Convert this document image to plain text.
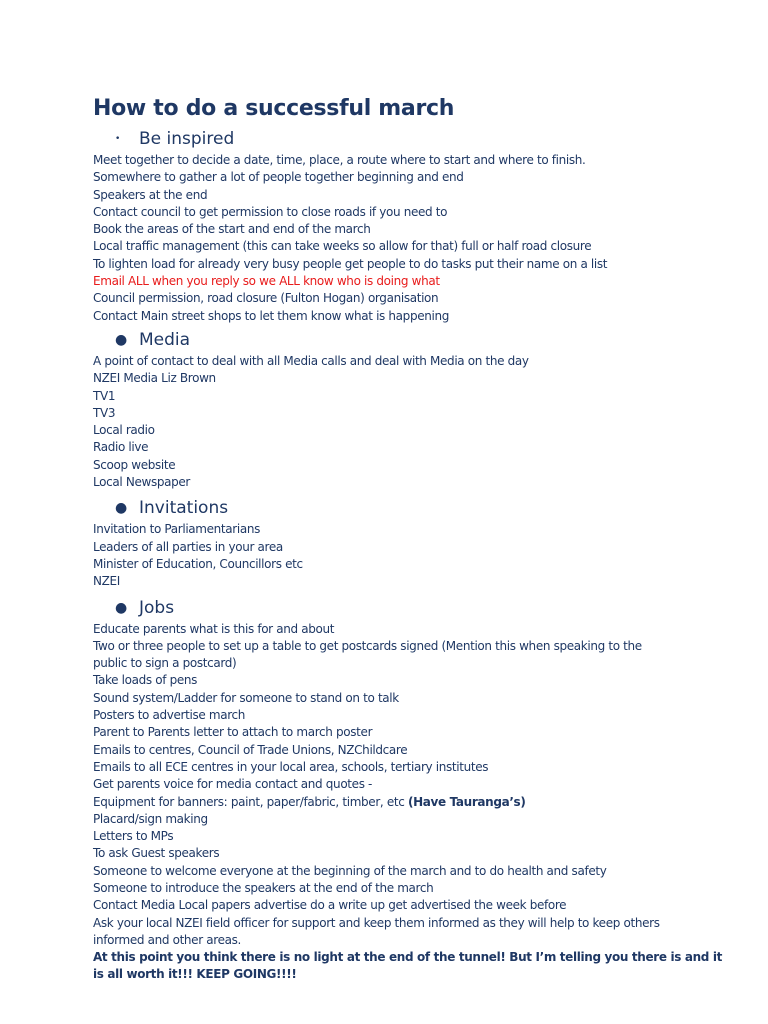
How to do a successful march
•	Be inspired
Meet together to decide a date, time, place, a route where to start and where to finish.
Somewhere to gather a lot of people together beginning and end
Speakers at the end
Contact council to get permission to close roads if you need to
Book the areas of the start and end of the march
Local traffic management (this can take weeks so allow for that) full or half road closure
To lighten load for already very busy people get people to do tasks put their name on a list
Email ALL when you reply so we ALL know who is doing what
Council permission, road closure (Fulton Hogan) organisation
Contact Main street shops to let them know what is happening
● Media
A point of contact to deal with all Media calls and deal with Media on the day
NZEI Media Liz Brown
TV1
TV3
Local radio
Radio live
Scoop website
Local Newspaper
● Invitations
Invitation to Parliamentarians
Leaders of all parties in your area
Minister of Education, Councillors etc
NZEI
● Jobs
Educate parents what is this for and about
Two or three people to set up a table to get postcards signed (Mention this when speaking to the
public to sign a postcard)
Take loads of pens
Sound system/Ladder for someone to stand on to talk
Posters to advertise march
Parent to Parents letter to attach to march poster
Emails to centres, Council of Trade Unions, NZChildcare
Emails to all ECE centres in your local area, schools, tertiary institutes
Get parents voice for media contact and quotes -
Equipment for banners: paint, paper/fabric, timber, etc (Have Tauranga’s)
Placard/sign making
Letters to MPs
To ask Guest speakers
Someone to welcome everyone at the beginning of the march and to do health and safety
Someone to introduce the speakers at the end of the march
Contact Media Local papers advertise do a write up get advertised the week before
Ask your local NZEI field officer for support and keep them informed as they will help to keep others
informed and other areas.
At this point you think there is no light at the end of the tunnel! But I’m telling you there is and it
is all worth it!!! KEEP GOING!!!!
